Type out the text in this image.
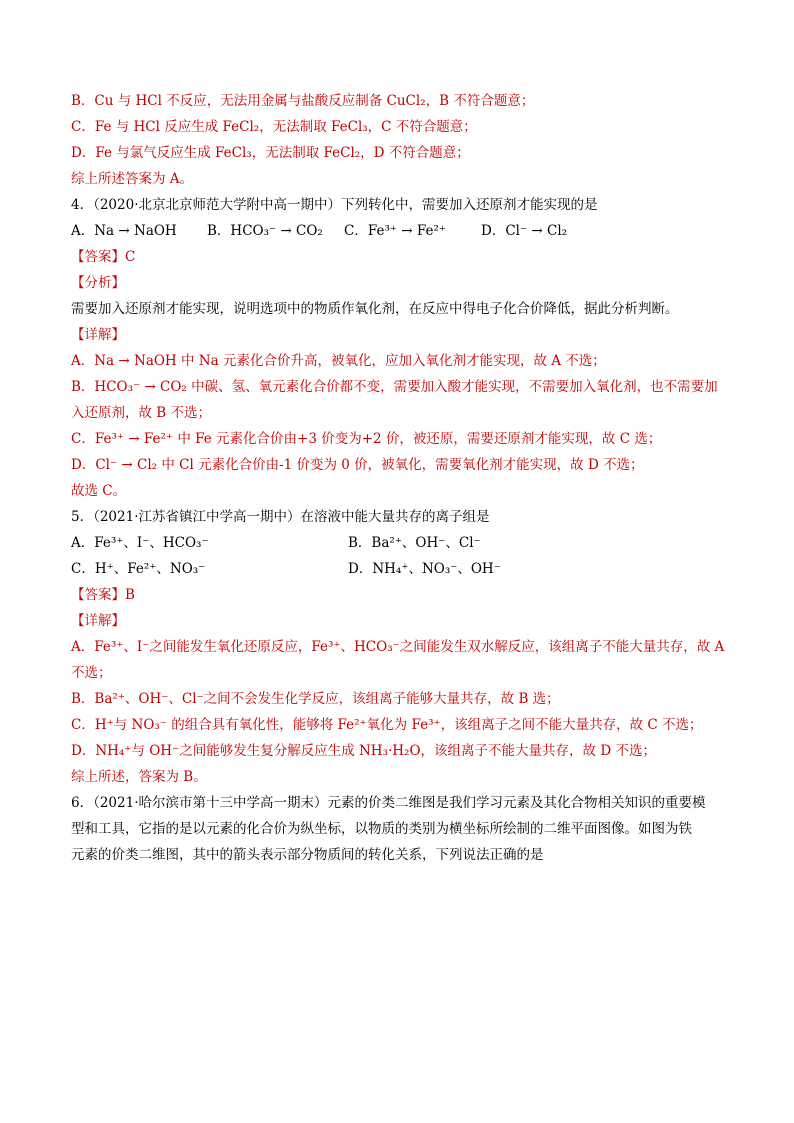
B．Cu 与 HCl 不反应，无法用金属与盐酸反应制备 CuCl₂，B 不符合题意；
C．Fe 与 HCl 反应生成 FeCl₂，无法制取 FeCl₃，C 不符合题意；
D．Fe 与氯气反应生成 FeCl₃，无法制取 FeCl₂，D 不符合题意；
综上所述答案为 A。
4．（2020·北京北京师范大学附中高一期中）下列转化中，需要加入还原剂才能实现的是
A．Na → NaOH	B．HCO₃⁻ → CO₂	C．Fe³⁺ → Fe²⁺	D．Cl⁻ → Cl₂
【答案】C
【分析】
需要加入还原剂才能实现，说明选项中的物质作氧化剂，在反应中得电子化合价降低，据此分析判断。
【详解】
A．Na → NaOH 中 Na 元素化合价升高，被氧化，应加入氧化剂才能实现，故 A 不选；
B．HCO₃⁻ → CO₂ 中碳、氢、氧元素化合价都不变，需要加入酸才能实现，不需要加入氧化剂，也不需要加
入还原剂，故 B 不选；
C．Fe³⁺ → Fe²⁺ 中 Fe 元素化合价由+3 价变为+2 价，被还原，需要还原剂才能实现，故 C 选；
D．Cl⁻ → Cl₂ 中 Cl 元素化合价由-1 价变为 0 价，被氧化，需要氧化剂才能实现，故 D 不选；
故选 C。
5．（2021·江苏省镇江中学高一期中）在溶液中能大量共存的离子组是
A．Fe³⁺、I⁻、HCO₃⁻	B．Ba²⁺、OH⁻、Cl⁻
C．H⁺、Fe²⁺、NO₃⁻	D．NH₄⁺、NO₃⁻、OH⁻
【答案】B
【详解】
A．Fe³⁺、I⁻之间能发生氧化还原反应，Fe³⁺、HCO₃⁻之间能发生双水解反应，该组离子不能大量共存，故 A
不选；
B．Ba²⁺、OH⁻、Cl⁻之间不会发生化学反应，该组离子能够大量共存，故 B 选；
C．H⁺与 NO₃⁻ 的组合具有氧化性，能够将 Fe²⁺氧化为 Fe³⁺，该组离子之间不能大量共存，故 C 不选；
D．NH₄⁺与 OH⁻之间能够发生复分解反应生成 NH₃·H₂O，该组离子不能大量共存，故 D 不选；
综上所述，答案为 B。
6．（2021·哈尔滨市第十三中学高一期末）元素的价类二维图是我们学习元素及其化合物相关知识的重要模
型和工具，它指的是以元素的化合价为纵坐标，以物质的类别为横坐标所绘制的二维平面图像。如图为铁
元素的价类二维图，其中的箭头表示部分物质间的转化关系，下列说法正确的是
